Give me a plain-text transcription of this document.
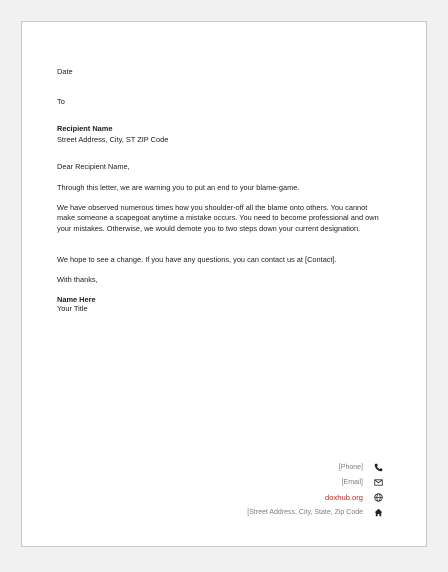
Date
To
Recipient Name
Street Address, City, ST ZIP Code
Dear Recipient Name,
Through this letter, we are warning you to put an end to your blame-game.
We have observed numerous times how you shoulder-off all the blame onto others. You cannot make someone a scapegoat anytime a mistake occurs. You need to become professional and own your mistakes. Otherwise, we would demote you to two steps down your current designation.
We hope to see a change. If you have any questions, you can contact us at [Contact].
With thanks,
Name Here
Your Title
[Phone]
[Email]
doxhub.org
[Street Address, City, State, Zip Code
